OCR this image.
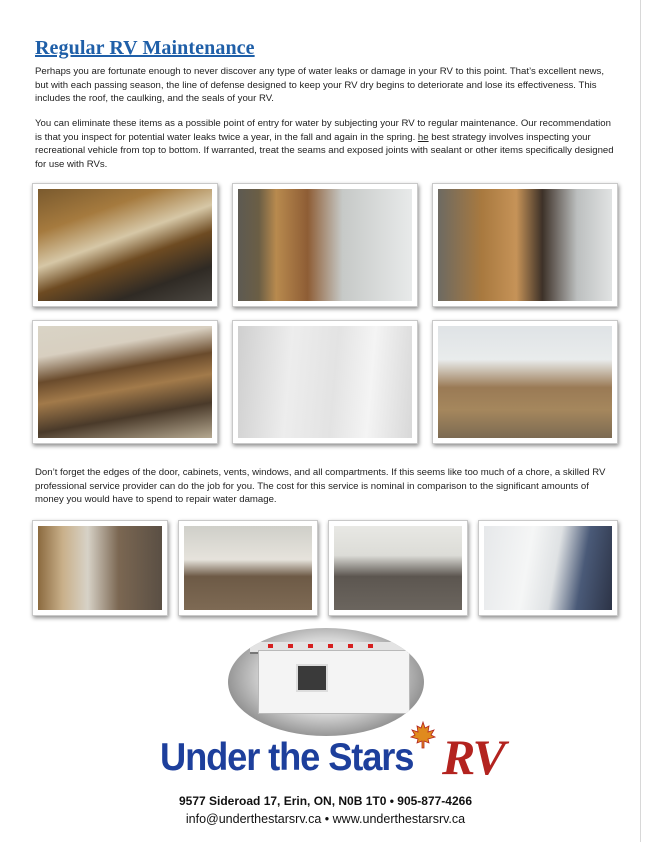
Regular RV Maintenance

Perhaps you are fortunate enough to never discover any type of water leaks or damage in your RV to this point. That’s excellent news, but with each passing season, the line of defense designed to keep your RV dry begins to deteriorate and lose its effectiveness. This includes the roof, the caulking, and the seals of your RV.

You can eliminate these items as a possible point of entry for water by subjecting your RV to regular maintenance. Our recommendation is that you inspect for potential water leaks twice a year, in the fall and again in the spring. he best strategy involves inspecting your recreational vehicle from top to bottom. If warranted, treat the seams and exposed joints with sealant or other items specifically designed for use with RVs.

Don’t forget the edges of the door, cabinets, vents, windows, and all compartments. If this seems like too much of a chore, a skilled RV professional service provider can do the job for you. The cost for this service is nominal in comparison to the significant amounts of money you would have to spend to repair water damage.

Under the Stars RV

9577 Sideroad 17, Erin, ON, N0B 1T0 • 905-877-4266

info@underthestarsrv.ca • www.underthestarsrv.ca
